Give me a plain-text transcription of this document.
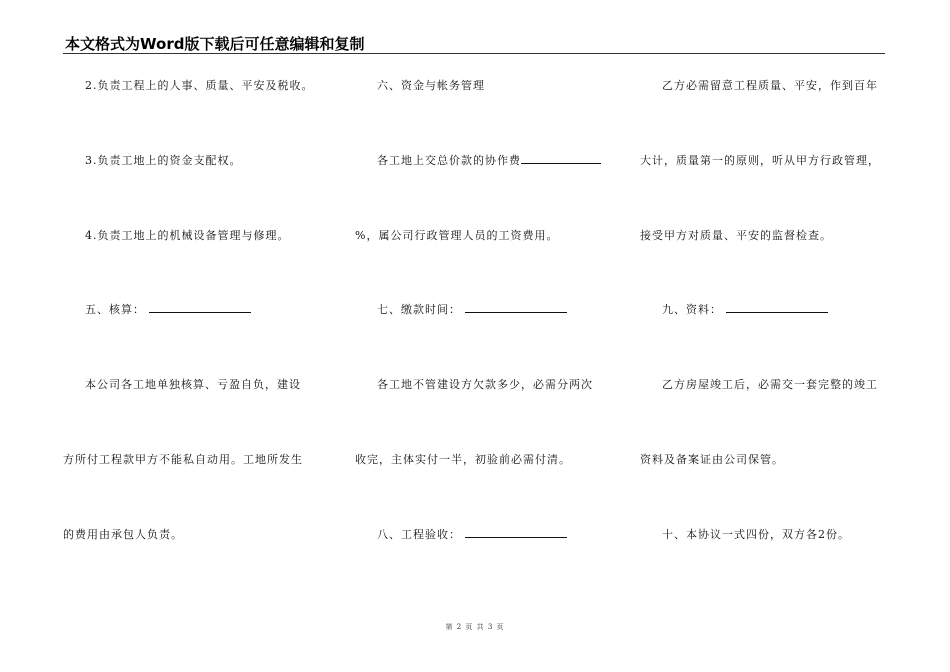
本文格式为Word版下载后可任意编辑和复制
2.负责工程上的人事、质量、平安及税收。
3.负责工地上的资金支配权。
4.负责工地上的机械设备管理与修理。
五、核算：
本公司各工地单独核算、亏盈自负，建设
方所付工程款甲方不能私自动用。工地所发生
的费用由承包人负责。
六、资金与帐务管理
各工地上交总价款的协作费
%，属公司行政管理人员的工资费用。
七、缴款时间：
各工地不管建设方欠款多少，必需分两次
收完，主体实付一半，初验前必需付清。
八、工程验收：
乙方必需留意工程质量、平安，作到百年
大计，质量第一的原则，听从甲方行政管理，
接受甲方对质量、平安的监督检查。
九、资料：
乙方房屋竣工后，必需交一套完整的竣工
资料及备案证由公司保管。
十、本协议一式四份，双方各2份。
第 2 页 共 3 页
